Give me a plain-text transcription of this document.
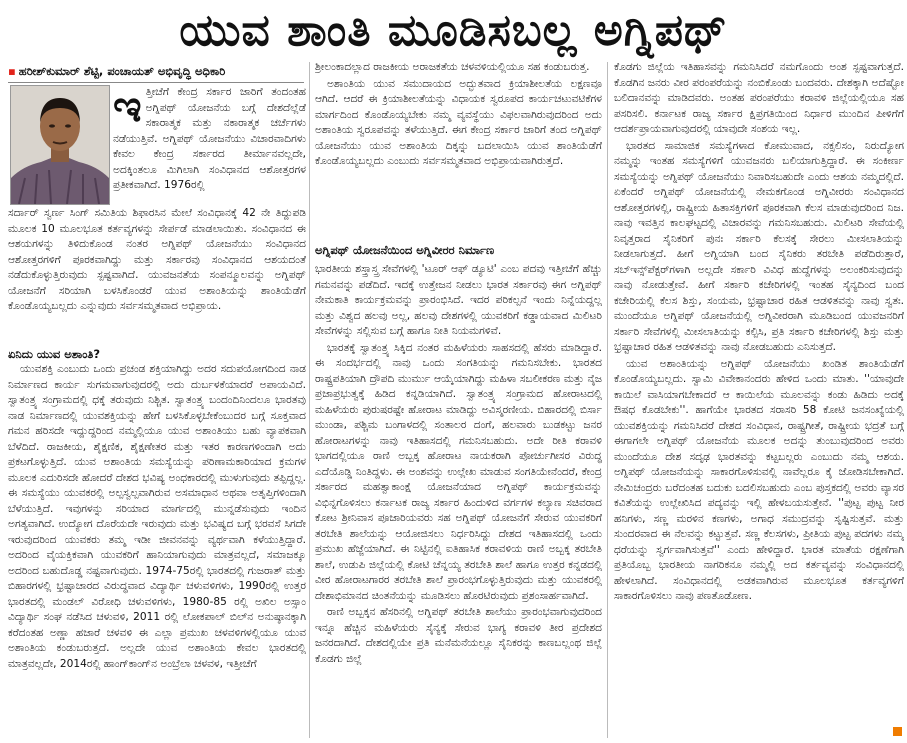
ಯುವ ಶಾಂತಿ ಮೂಡಿಸಬಲ್ಲ ಅಗ್ನಿಪಥ್
▪ ಹರೀಶ್‌ಕುಮಾರ್ ಶೆಟ್ಟಿ, ಪಂಚಾಯತ್ ಅಭಿವೃದ್ಧಿ ಅಧಿಕಾರಿ
ಇ ತ್ತೀಚೆಗೆ ಕೇಂದ್ರ ಸರ್ಕಾರ ಜಾರಿಗೆ ತಂದಂತಹ ಅಗ್ನಿಪಥ್ ಯೋಜನೆಯ ಬಗ್ಗೆ ದೇಶದೆಲ್ಲೆಡೆ ಸಕಾರಾತ್ಮಕ ಮತ್ತು ನಕಾರಾತ್ಮಕ ಚರ್ಚೆಗಳು ನಡೆಯುತ್ತಿವೆ. ಅಗ್ನಿಪಥ್ ಯೋಜನೆಯು ವಿಚಾರವಾದಿಗಳು ಕೇವಲ ಕೇಂದ್ರ ಸರ್ಕಾರದ ತೀರ್ಮಾನವಲ್ಲದೇ, ಅದಕ್ಕಿಂತಲೂ ಮಿಗಿಲಾಗಿ ಸಂವಿಧಾನದ ಆಶೋತ್ತರಗಳ ಪ್ರತೀಕವಾಗಿದೆ. 1976ರಲ್ಲಿ

ಸರ್ದಾರ್ ಸ್ವರ್ಣ ಸಿಂಗ್ ಸಮಿತಿಯ ಶಿಫಾರಸಿನ ಮೇಲೆ ಸಂವಿಧಾನಕ್ಕೆ 42 ನೇ ತಿದ್ದುಪಡಿ ಮೂಲಕ 10 ಮೂಲಭೂತ ಕರ್ತವ್ಯಗಳನ್ನು ಸೇರ್ಪಡೆ ಮಾಡಲಾಯಿತು. ಸಂವಿಧಾನದ ಈ ಆಶಯಗಳನ್ನು ತಿಳಿದುಕೊಂಡ ನಂತರ ಅಗ್ನಿಪಥ್ ಯೋಜನೆಯು ಸಂವಿಧಾನದ ಆಶೋತ್ತರಗಳಿಗೆ ಪೂರಕವಾಗಿದ್ದು ಮತ್ತು ಸರ್ಕಾರವು ಸಂವಿಧಾನದ ಆಶಯದಂತೆ ನಡೆದುಕೊಳ್ಳುತ್ತಿರುವುದು ಸ್ಪಷ್ಟವಾಗಿದೆ. ಯುವಜನತೆಯ ಸಂಪನ್ಮೂಲವನ್ನು ಅಗ್ನಿಪಥ್ ಯೋಜನೆಗೆ ಸರಿಯಾಗಿ ಬಳಸಿಕೊಂಡರೆ ಯುವ ಅಶಾಂತಿಯನ್ನು ಶಾಂತಿಯೆಡೆಗೆ ಕೊಂಡೊಯ್ಯಬಲ್ಲದು ಎನ್ನುವುದು ಸರ್ವಸಮ್ಮತವಾದ ಅಭಿಪ್ರಾಯ.

ಏನಿದು ಯುವ ಅಶಾಂತಿ?

ಯುವಶಕ್ತಿ ಎಂಬುದು ಒಂದು ಪ್ರಚಂಡ ಶಕ್ತಿಯಾಗಿದ್ದು ಅದರ ಸದುಪಯೋಗದಿಂದ ನಾಡ ನಿರ್ಮಾಣದ ಕಾರ್ಯ ಸುಗಮವಾಗುವುದರಲ್ಲಿ ಅದು ದುರ್ಬಳಕೆಯಾದರೆ ಅಪಾಯವಿದೆ. ಸ್ವಾತಂತ್ರ್ಯ ಸಂಗ್ರಾಮದಲ್ಲಿ ಧಕ್ಕೆ ತರುವುದು ನಿಶ್ಚಿತ. ಸ್ವಾತಂತ್ರ್ಯ ಬಂದಂದಿನಿಂದಲೂ ಭಾರತವು ನಾಡ ನಿರ್ಮಾಣದಲ್ಲಿ ಯುವಶಕ್ತಿಯನ್ನು ಹೇಗೆ ಬಳಸಿಕೊಳ್ಳಬೇಕೆಂಬುದರ ಬಗ್ಗೆ ಸೂಕ್ತವಾದ ಗಮನ ಹರಿಸದೇ ಇದ್ದುದ್ದರಿಂದ ನಮ್ಮಲ್ಲಿಯೂ ಯುವ ಅಶಾಂತಿಯು ಬಹು ವ್ಯಾಪಕವಾಗಿ ಬೆಳೆದಿದೆ. ರಾಜಕೀಯ, ಶೈಕ್ಷಣಿಕ, ಶೈಕ್ಷಣೇತರ ಮತ್ತು ಇತರ ಕಾರಣಗಳಿಂದಾಗಿ ಅದು ಪ್ರಕಟಗೊಳ್ಳುತ್ತಿದೆ. ಯುವ ಅಶಾಂತಿಯ ಸಮಸ್ಯೆಯನ್ನು ಪರಿಣಾಮಕಾರಿಯಾದ ಕ್ರಮಗಳ ಮೂಲಕ ಎದುರಿಸದೇ ಹೋದರೆ ದೇಶದ ಭವಿಷ್ಯ ಅಂಧಕಾರದಲ್ಲಿ ಮುಳುಗುವುದು ತಪ್ಪಿದ್ದಲ್ಲ. ಈ ಸಮಸ್ಯೆಯು ಯುವಕರಲ್ಲಿ ಅಲ್ಪಸ್ವಲ್ಪವಾಗಿರುವ ಅಸಮಾಧಾನ ಅಥವಾ ಅತೃಪ್ತಿಗಳಿಂದಾಗಿ ಬೆಳೆಯುತ್ತಿದೆ. ಇವುಗಳನ್ನು ಸರಿಯಾದ ಮಾರ್ಗದಲ್ಲಿ ಮುನ್ನಡೆಸುವುದು ಇಂದಿನ ಅಗತ್ಯವಾಗಿದೆ. ಉದ್ಯೋಗ ದೊರೆಯದೇ ಇರುವುದು ಮತ್ತು ಭವಿಷ್ಯದ ಬಗ್ಗೆ ಭರವಸೆ ಸಿಗದೇ ಇರುವುದರಿಂದ ಯುವಕರು ತಮ್ಮ ಇಡೀ ಜೀವನವನ್ನು ವ್ಯರ್ಥವಾಗಿ ಕಳೆಯುತ್ತಿದ್ದಾರೆ. ಅದರಿಂದ ವೈಯಕ್ತಿಕವಾಗಿ ಯುವಕರಿಗೆ ಹಾನಿಯಾಗುವುದು ಮಾತ್ರವಲ್ಲದೆ, ಸಮಾಜಕ್ಕೂ ಅದರಿಂದ ಬಹುದೊಡ್ಡ ನಷ್ಟವಾಗುವುದು. 1974-75ರಲ್ಲಿ ಭಾರತದಲ್ಲಿ ಗುಜರಾತ್ ಮತ್ತು ಬಿಹಾರಗಳಲ್ಲಿ ಭ್ರಷ್ಟಾಚಾರದ ವಿರುದ್ಧವಾದ ವಿದ್ಯಾರ್ಥಿ ಚಳುವಳಿಗಳು, 1990ರಲ್ಲಿ ಉತ್ತರ ಭಾರತದಲ್ಲಿ ಮಂಡಲ್ ವಿರೋಧಿ ಚಳುವಳಿಗಳು, 1980-85 ರಲ್ಲಿ ಅಖಿಲ ಅಸ್ಸಾಂ ವಿದ್ಯಾರ್ಥಿ ಸಂಘ ನಡೆಸಿದ ಚಳುವಳಿ, 2011 ರಲ್ಲಿ ಲೋಕಪಾಲ್ ಬಿಲ್‌ನ ಅನುಷ್ಠಾನಕ್ಕಾಗಿ ಕರೆದಂತಹ ಅಣ್ಣಾ ಹಜಾರೆ ಚಳವಳಿ ಈ ಎಲ್ಲಾ ಪ್ರಮುಖ ಚಳವಳಿಗಳಲ್ಲಿಯೂ ಯುವ ಅಶಾಂತಿಯ ಕಂಡುಬರುತ್ತದೆ. ಅಲ್ಲದೇ ಯುವ ಅಶಾಂತಿಯ ಕೇವಲ ಭಾರತದಲ್ಲಿ ಮಾತ್ರವಲ್ಲದೇ, 2014ರಲ್ಲಿ ಹಾಂಗ್‌ಕಾಂಗ್‌ನ ಅಂಬ್ರೆಲಾ ಚಳವಳ, ಇತ್ತೀಚೆಗೆ

ಶ್ರೀಲಂಕಾದಲ್ಲಾದ ರಾಜಕೀಯ ಅರಾಜಕತೆಯ ಚಳವಳಿಯಲ್ಲಿಯೂ ಸಹ ಕಂಡುಬರುತ್ತ.

ಅಶಾಂತಿಯ ಯುವ ಸಮುದಾಯದ ಅದ್ಭುತವಾದ ಕ್ರಿಯಾಶೀಲತೆಯ ಲಕ್ಷಣವೂ ಆಗಿದೆ. ಆದರೆ ಈ ಕ್ರಿಯಾಶೀಲತೆಯನ್ನು ವಿಧಾಯಕ ಸ್ವರೂಪದ ಕಾರ್ಯಚಟುವಟಿಕೆಗಳ ಮಾರ್ಗದಿಂದ ಕೊಂಡೊಯ್ಯಬೇಕು ನಮ್ಮ ವ್ಯವಸ್ಥೆಯು ವಿಫಲವಾಗಿರುವುದರಿಂದ ಅದು ಅಶಾಂತಿಯ ಸ್ವರೂಪವನ್ನು ತಳೆಯುತ್ತಿದೆ. ಈಗ ಕೇಂದ್ರ ಸರ್ಕಾರ ಜಾರಿಗೆ ತಂದ ಅಗ್ನಿಪಥ್ ಯೋಜನೆಯು ಯುವ ಅಶಾಂತಿಯ ದಿಕ್ಕನ್ನು ಬದಲಾಯಿಸಿ ಯುವ ಶಾಂತಿಯೆಡೆಗೆ ಕೊಂಡೊಯ್ಯಬಲ್ಲದು ಎಂಬುದು ಸರ್ವಸಮ್ಮತವಾದ ಅಭಿಪ್ರಾಯವಾಗಿರುತ್ತದೆ.

ಅಗ್ನಿಪಥ್ ಯೋಜನೆಯಿಂದ ಅಗ್ನಿವೀರರ ನಿರ್ಮಾಣ

ಭಾರತೀಯ ಶಸ್ತ್ರಾಸ್ತ್ರ ಸೇವೆಗಳಲ್ಲಿ 'ಟೂರ್ ಆಫ್ ಡ್ಯೂಟಿ' ಎಂಬ ಪದವು ಇತ್ತೀಚೆಗೆ ಹೆಚ್ಚು ಗಮನವನ್ನು ಪಡೆದಿದೆ. ಇದಕ್ಕೆ ಉತ್ತೇಜನ ನೀಡಲು ಭಾರತ ಸರ್ಕಾರವು ಈಗ ಅಗ್ನಿಪಥ್ ನೇಮಕಾತಿ ಕಾರ್ಯಕ್ರಮವನ್ನು ಪ್ರಾರಂಭಿಸಿದೆ. ಇದರ ಪರಿಕಲ್ಪನೆ ಇಂದು ನಿನ್ನೆಯದ್ದಲ್ಲ ಮತ್ತು ವಿಶ್ವದ ಹಲವು ಅಲ್ಲ, ಹಲವು ದೇಶಗಳಲ್ಲಿ ಯುವಕರಿಗೆ ಕಡ್ಡಾಯವಾದ ಮಿಲಿಟರಿ ಸೇವೆಗಳನ್ನು ಸಲ್ಲಿಸುವ ಬಗ್ಗೆ ಹಾಗೂ ನೀತಿ ನಿಯಮಗಳಿವೆ.

ಭಾರತಕ್ಕೆ ಸ್ವಾತಂತ್ರ್ಯ ಸಿಕ್ಕಿದ ನಂತರ ಮಹಿಳೆಯರು ಸಾಹಸದಲ್ಲಿ ಹೆಸರು ಮಾಡಿದ್ದಾರೆ. ಈ ಸಂದರ್ಭದಲ್ಲಿ ನಾವು ಒಂದು ಸಂಗತಿಯನ್ನು ಗಮನಿಸಬೇಕು. ಭಾರತದ ರಾಷ್ಟ್ರಪತಿಯಾಗಿ ದ್ರೌಪದಿ ಮುರ್ಮು ಆಯ್ಕೆಯಾಗಿದ್ದು ಮಹಿಳಾ ಸಬಲೀಕರಣ ಮತ್ತು ನೈಜ ಪ್ರಜಾಪ್ರಭುತ್ವಕ್ಕೆ ಹಿಡಿದ ಕನ್ನಡಿಯಾಗಿದೆ. ಸ್ವಾತಂತ್ರ್ಯ ಸಂಗ್ರಾಮದ ಹೋರಾಟದಲ್ಲಿ ಮಹಿಳೆಯರು ಪುರುಷರಷ್ಟೇ ಹೋರಾಟ ಮಾಡಿದ್ದು ಅವಿಸ್ಮರಣೀಯ. ಬಿಹಾರದಲ್ಲಿ ಬಿರ್ಸಾ ಮುಂಡಾ, ಪಶ್ಚಿಮ ಬಂಗಾಳದಲ್ಲಿ ಸಂತಾಲರ ದಂಗೆ, ಹಲವಾರು ಬುಡಕಟ್ಟು ಜನರ ಹೋರಾಟಗಳನ್ನು ನಾವು ಇತಿಹಾಸದಲ್ಲಿ ಗಮನಿಸಬಹುದು. ಅದೇ ರೀತಿ ಕರಾವಳಿ ಭಾಗದಲ್ಲಿಯೂ ರಾಣಿ ಅಬ್ಬಕ್ಕ ಹೋರಾಟ ನಾಯಕರಾಗಿ ಪೋರ್ಚುಗೀಸರ ವಿರುದ್ಧ ಎದೆಯೊಡ್ಡಿ ನಿಂತಿದ್ದಳು. ಈ ಅಂಶವನ್ನು ಉಲ್ಲೇಖ ಮಾಡುವ ಸಂಗತಿಯೇನೆಂದರೆ, ಕೇಂದ್ರ ಸರ್ಕಾರದ ಮಹತ್ವಾಕಾಂಕ್ಷೆ ಯೋಜನೆಯಾದ ಅಗ್ನಿಪಥ್ ಕಾರ್ಯಕ್ರಮವನ್ನು ವಿಭಿನ್ನಗೊಳಿಸಲು ಕರ್ನಾಟಕ ರಾಜ್ಯ ಸರ್ಕಾರ ಹಿಂದುಳಿದ ವರ್ಗಗಳ ಕಲ್ಯಾಣ ಸಚಿವರಾದ ಕೋಟ ಶ್ರೀನಿವಾಸ ಪೂಜಾರಿಯವರು ಸಹ ಅಗ್ನಿಪಥ್ ಯೋಜನೆಗೆ ಸೇರುವ ಯುವಕರಿಗೆ ತರಬೇತಿ ಶಾಲೆಯನ್ನು ಆಯೋಜಿಸಲು ನಿರ್ಧರಿಸಿದ್ದು ದೇಶದ ಇತಿಹಾಸದಲ್ಲಿ ಒಂದು ಪ್ರಮುಖ ಹೆಜ್ಜೆಯಾಗಿದೆ. ಈ ನಿಟ್ಟಿನಲ್ಲಿ ಐತಿಹಾಸಿಕ ಕರಾವಳಿಯ ರಾಣಿ ಅಬ್ಬಕ್ಕ ತರಬೇತಿ ಶಾಲೆ, ಉಡುಪಿ ಜಿಲ್ಲೆಯಲ್ಲಿ ಕೋಟಿ ಚೆನ್ನಯ್ಯ ತರಬೇತಿ ಶಾಲೆ ಹಾಗೂ ಉತ್ತರ ಕನ್ನಡದಲ್ಲಿ ವೀರ ಹೋರಾಟಗಾರರ ತರಬೇತಿ ಶಾಲೆ ಪ್ರಾರಂಭಗೊಳ್ಳುತ್ತಿರುವುದು ಮತ್ತು ಯುವಕರಲ್ಲಿ ದೇಶಾಭಿಮಾನದ ಚಿಂತನೆಯನ್ನು ಮೂಡಿಸಲು ಹೊರಟಿರುವುದು ಪ್ರಶಂಸಾರ್ಹವಾಗಿದೆ.

ರಾಣಿ ಅಬ್ಬಕ್ಕನ ಹೆಸರಿನಲ್ಲಿ ಅಗ್ನಿಪಥ್ ತರಬೇತಿ ಶಾಲೆಯು ಪ್ರಾರಂಭವಾಗುವುದರಿಂದ ಇನ್ನೂ ಹೆಚ್ಚಿನ ಮಹಿಳೆಯರು ಸೈನ್ಯಕ್ಕೆ ಸೇರುವ ಭಾಗ್ಯ ಕರಾವಳಿ ತೀರ ಪ್ರದೇಶದ ಜನರದಾಗಿದೆ. ದೇಶದಲ್ಲಿಯೇ ಪ್ರತಿ ಮನೆಮನೆಯಲ್ಲೂ ಸೈನಿಕರನ್ನು ಕಾಣಬಲ್ಲಂಥ ಜಿಲ್ಲೆ ಕೊಡಗು ಜಿಲ್ಲೆ

ಕೊಡಗು ಜಿಲ್ಲೆಯ ಇತಿಹಾಸವನ್ನು ಗಮನಿಸಿದರೆ ನಮಗೊಂದು ಅಂಶ ಸ್ಪಷ್ಟವಾಗುತ್ತದೆ. ಕೊಡಗಿನ ಜನರು ವೀರ ಪರಂಪರೆಯನ್ನು ನಂಬಿಕೊಂಡು ಬಂದವರು. ದೇಶಕ್ಕಾಗಿ ಅದೆಷ್ಟೋ ಬಲಿದಾನವನ್ನು ಮಾಡಿದವರು. ಅಂತಹ ಪರಂಪರೆಯು ಕರಾವಳಿ ಜಿಲ್ಲೆಯಲ್ಲಿಯೂ ಸಹ ಪಸರಿಸಲಿ. ಕರ್ನಾಟಕ ರಾಜ್ಯ ಸರ್ಕಾರ ಕ್ಷಿಪ್ರಗತಿಯಿಂದ ನಿರ್ಧಾರ ಮುಂದಿನ ಪೀಳಿಗೆಗೆ ಆದರ್ಶಪ್ರಾಯವಾಗುವುದರಲ್ಲಿ ಯಾವುದೇ ಸಂಶಯ ಇಲ್ಲ.

ಭಾರತದ ಸಾಮಾಜಿಕ ಸಮಸ್ಯೆಗಳಾದ ಕೋಮುವಾದ, ನಕ್ಸಲಿಸಂ, ನಿರುದ್ಯೋಗ ನಮ್ಮನ್ನು ಇಂತಹ ಸಮಸ್ಯೆಗಳಿಗೆ ಯುವಜನರು ಬಲಿಯಾಗುತ್ತಿದ್ದಾರೆ. ಈ ಸಂಕೀರ್ಣ ಸಮಸ್ಯೆಯನ್ನು ಅಗ್ನಿಪಥ್ ಯೋಜನೆಯು ನಿವಾರಿಸಬಹುದೇ ಎಂದು ಆಶಯ ನಮ್ಮದಲ್ಲಿದೆ. ಏಕೆಂದರೆ ಅಗ್ನಿಪಥ್ ಯೋಜನೆಯಲ್ಲಿ ನೇಮಕಗೊಂಡ ಅಗ್ನಿವೀರರು ಸಂವಿಧಾನದ ಆಶೋತ್ತರಗಳಲ್ಲಿ, ರಾಷ್ಟ್ರೀಯ ಹಿತಾಸಕ್ತಿಗಳಿಗೆ ಪೂರಕವಾಗಿ ಕೆಲಸ ಮಾಡುವುದರಿಂದ ನಿಜ. ನಾವು ಇವತ್ತಿನ ಕಾಲಘಟ್ಟದಲ್ಲಿ ವಿಚಾರವನ್ನು ಗಮನಿಸಬಹುದು. ಮಿಲಿಟರಿ ಸೇವೆಯಲ್ಲಿ ನಿವೃತ್ತರಾದ ಸೈನಿಕರಿಗೆ ಪುನಃ ಸರ್ಕಾರಿ ಕೆಲಸಕ್ಕೆ ಸೇರಲು ಮೀಸಲಾತಿಯನ್ನು ನೀಡಲಾಗುತ್ತದೆ. ಹೀಗೆ ಅಗ್ನಿಯಾಗಿ ಬಂದ ಸೈನಿಕರು ತರಬೇತಿ ಪಡೆದಿರುತ್ತಾರೆ, ಸಬ್‌ಇನ್ಸ್‌ಪೆಕ್ಟರ್‌ಗಳಾಗಿ ಅಲ್ಲದೇ ಸರ್ಕಾರಿ ವಿವಿಧ ಹುದ್ದೆಗಳನ್ನು ಅಲಂಕರಿಸುವುದನ್ನು ನಾವು ನೋಡುತ್ತೇವೆ. ಹೀಗೆ ಸರ್ಕಾರಿ ಕಚೇರಿಗಳಲ್ಲಿ ಇಂತಹ ಸೈನ್ಯದಿಂದ ಬಂದ ಕಚೇರಿಯಲ್ಲಿ ಕೆಲಸ ಶಿಸ್ತು, ಸಂಯಮ, ಭ್ರಷ್ಟಾಚಾರ ರಹಿತ ಆಡಳಿತವನ್ನು ನಾವು ಸ್ವತಃ. ಮುಂದೆಯೂ ಅಗ್ನಿಪಥ್ ಯೋಜನೆಯಲ್ಲಿ ಅಗ್ನಿವೀರರಾಗಿ ಮೂಡಿಬಂದ ಯುವಜನರಿಗೆ ಸರ್ಕಾರಿ ಸೇವೆಗಳಲ್ಲಿ ಮೀಸಲಾತಿಯನ್ನು ಕಲ್ಪಿಸಿ, ಪ್ರತಿ ಸರ್ಕಾರಿ ಕಚೇರಿಗಳಲ್ಲಿ ಶಿಸ್ತು ಮತ್ತು ಭ್ರಷ್ಟಾಚಾರ ರಹಿತ ಆಡಳಿತವನ್ನು ನಾವು ನೋಡಬಹುದು ಎನಿಸುತ್ತದೆ.

ಯುವ ಅಶಾಂತಿಯನ್ನು ಅಗ್ನಿಪಥ್ ಯೋಜನೆಯು ಖಂಡಿತ ಶಾಂತಿಯೆಡೆಗೆ ಕೊಂಡೊಯ್ಯಬಲ್ಲದು. ಸ್ವಾಮಿ ವಿವೇಕಾನಂದರು ಹೇಳಿದ ಒಂದು ಮಾತು. ''ಯಾವುದೇ ಕಾಯಿಲೆ ವಾಸಿಯಾಗಬೇಕಾದರೆ ಆ ಕಾಯಿಲೆಯ ಮೂಲವನ್ನು ಕಂಡು ಹಿಡಿದು ಅದಕ್ಕೆ ಔಷಧ ಕೊಡಬೇಕು''. ಹಾಗೆಯೇ ಭಾರತದ ಸರಾಸರಿ 58 ಕೋಟಿ ಜನಸಂಖ್ಯೆಯಲ್ಲಿ ಯುವಶಕ್ತಿಯನ್ನು ಗಮನಿಸಿದರೆ ದೇಶದ ಸಂವಿಧಾನ, ರಾಷ್ಟ್ರಗೀತೆ, ರಾಷ್ಟ್ರೀಯ ಭದ್ರತೆ ಬಗ್ಗೆ ಈಗಾಗಲೇ ಅಗ್ನಿಪಥ್ ಯೋಜನೆಯ ಮೂಲಕ ಅದನ್ನು ತುಂಬುವುದರಿಂದ ಅವರು ಮುಂದೆಯೂ ದೇಶ ಸದೃಢ ಭಾರತವನ್ನು ಕಟ್ಟಬಲ್ಲರು ಎಂಬುದು ನಮ್ಮ ಆಶಯ. ಅಗ್ನಿಪಥ್ ಯೋಜನೆಯನ್ನು ಸಾಕಾರಗೊಳಿಸುವಲ್ಲಿ ನಾವೆಲ್ಲರೂ ಕೈ ಜೋಡಿಸಬೇಕಾಗಿದೆ. ನೇಮಿಚಂದ್ರರು ಬರೆದಂತಹ ಬದುಕು ಬದಲಿಸಬಹುದು ಎಂಬ ಪುಸ್ತಕದಲ್ಲಿ ಅವರು ವ್ಯಾಸರ ಕವಿತೆಯನ್ನು ಉಲ್ಲೇಖಿಸಿದ ಪದ್ಯವನ್ನು ಇಲ್ಲಿ ಹೇಳಬಯಸುತ್ತೇನೆ. ''ಪುಟ್ಟ ಪುಟ್ಟ ನೀರ ಹನಿಗಳು, ಸಣ್ಣ ಮರಳಿನ ಕಣಗಳು, ಅಗಾಧ ಸಮುದ್ರವನ್ನು ಸೃಷ್ಟಿಸುತ್ತವೆ. ಮತ್ತು ಸುಂದರವಾದ ಈ ನೆಲವನ್ನು ಕಟ್ಟುತ್ತವೆ. ಸಣ್ಣ ಕೆಲಸಗಳು, ಪ್ರೀತಿಯ ಪುಟ್ಟ ಪದಗಳು ನಮ್ಮ ಧರೆಯನ್ನು ಸ್ವರ್ಗವಾಗಿಸುತ್ತವೆ'' ಎಂದು ಹೇಳಿದ್ದಾರೆ. ಭಾರತ ಮಾತೆಯ ರಕ್ಷಣೆಗಾಗಿ ಪ್ರತಿಯೊಬ್ಬ ಭಾರತೀಯ ನಾಗರಿಕನೂ ನಮ್ಮಲ್ಲಿ ಅದ ಕರ್ತವ್ಯವನ್ನು ಸಂವಿಧಾನದಲ್ಲಿ ಹೇಳಲಾಗಿದೆ. ಸಂವಿಧಾನದಲ್ಲಿ ಅಡಕವಾಗಿರುವ ಮೂಲಭೂತ ಕರ್ತವ್ಯಗಳಿಗೆ ಸಾಕಾರಗೊಳಿಸಲು ನಾವು ಪಣತೊಡೋಣ.
